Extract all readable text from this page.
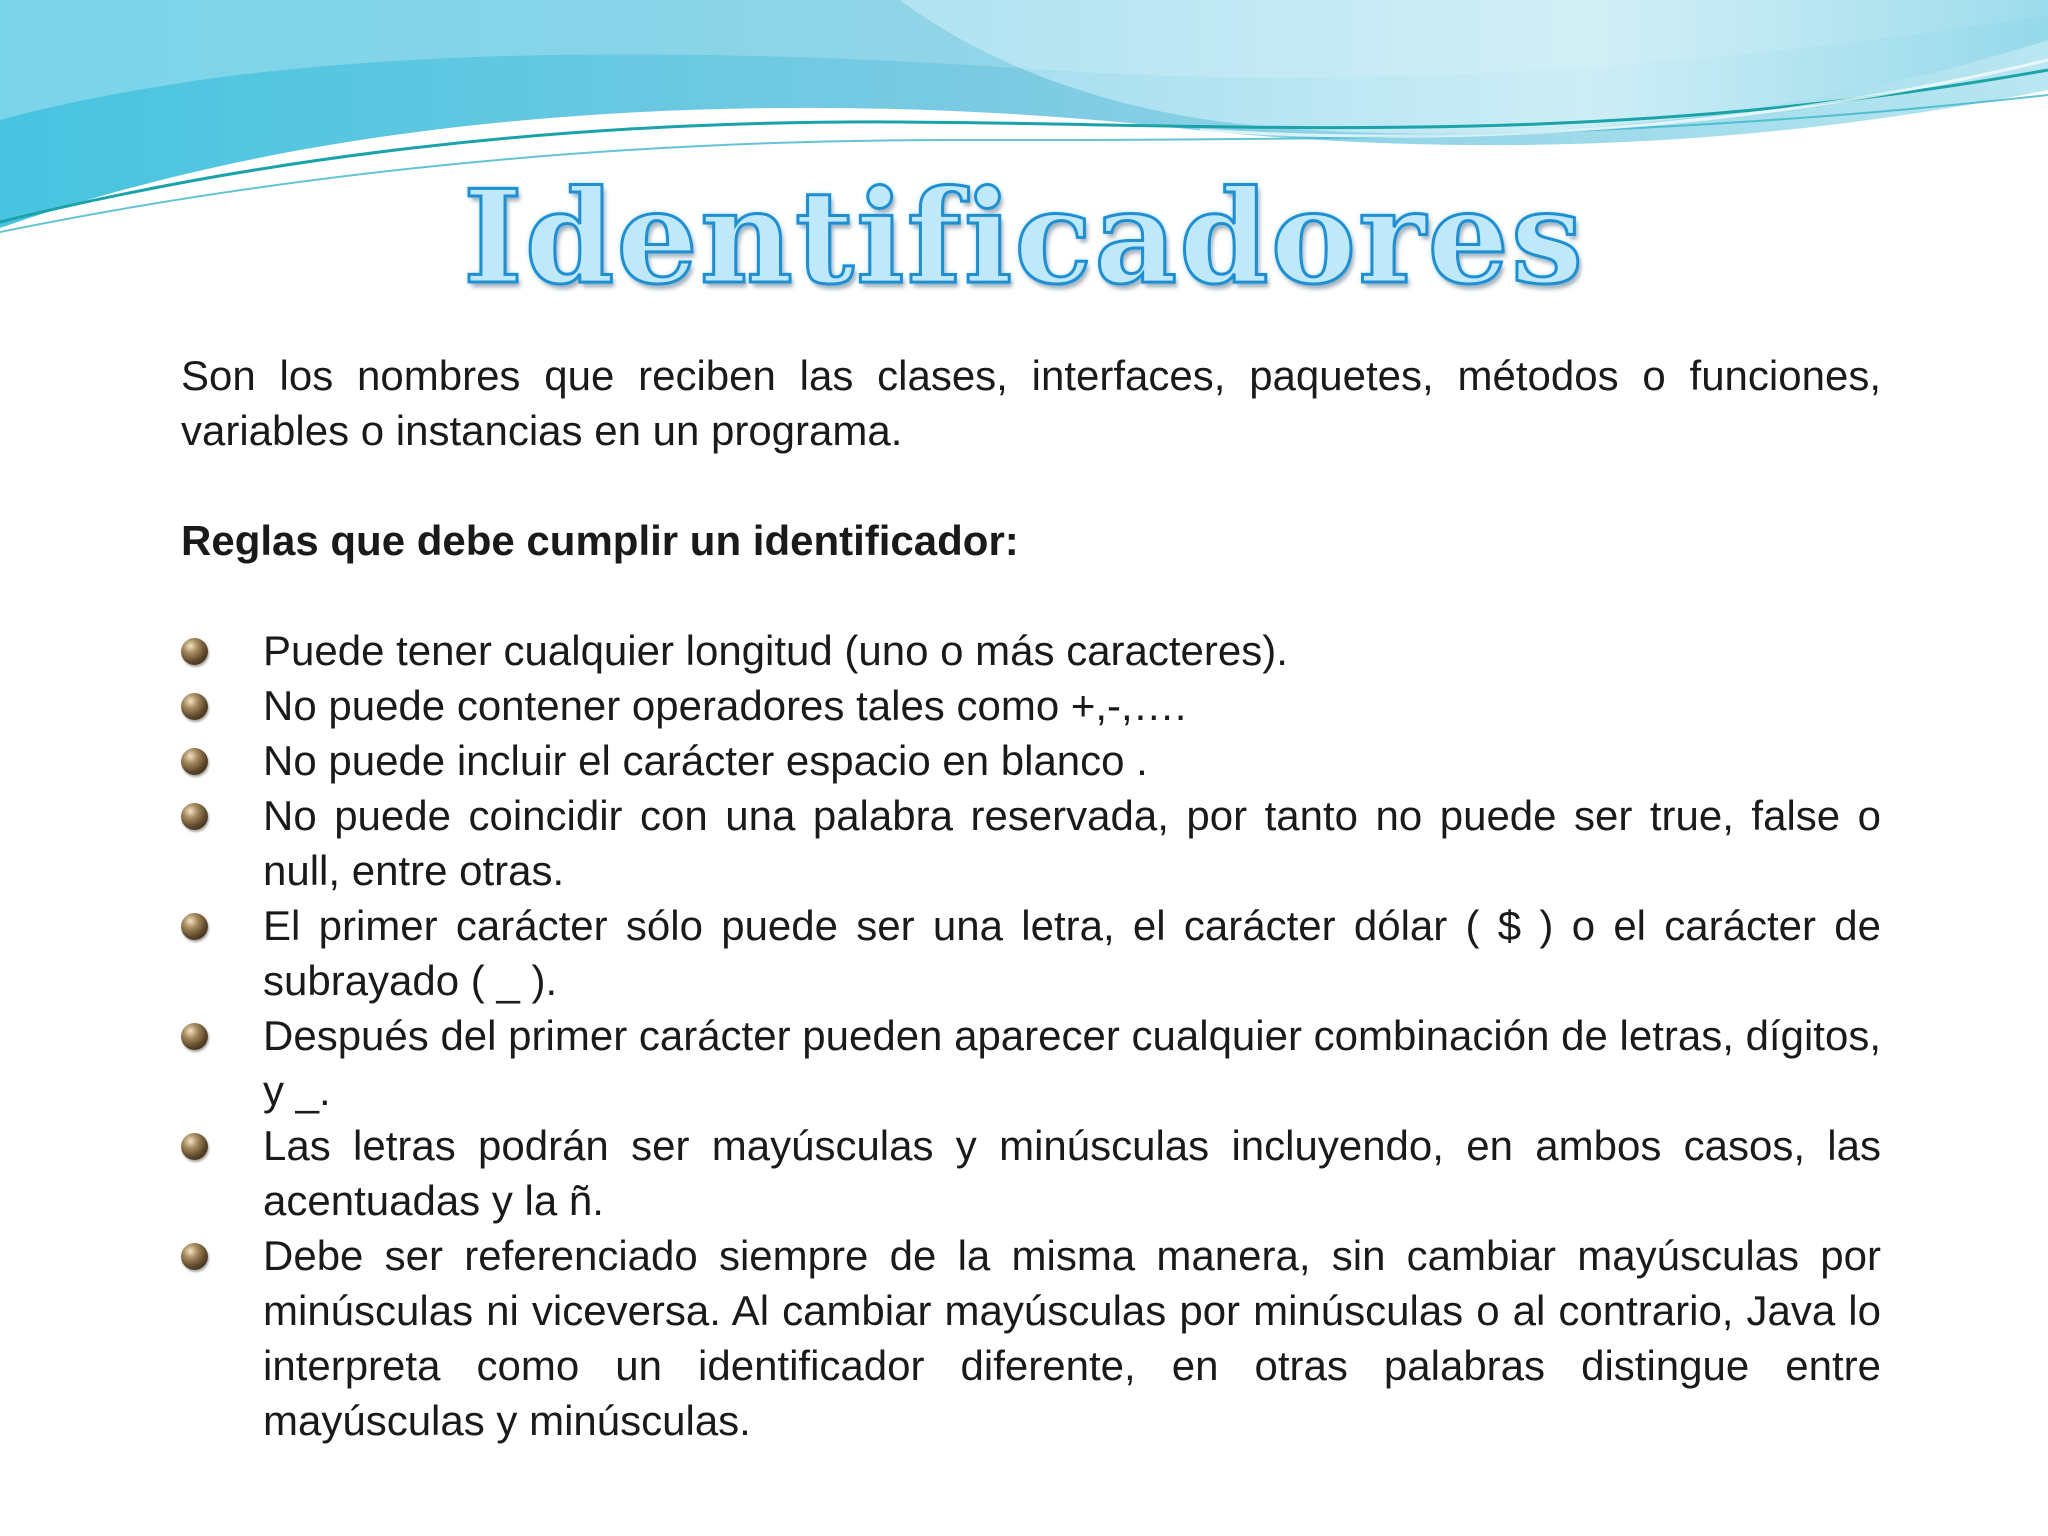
Identificadores

Son los nombres que reciben las clases, interfaces, paquetes, métodos o funciones, variables o instancias en un programa.

Reglas que debe cumplir un identificador:

Puede tener cualquier longitud (uno o más caracteres).
No puede contener operadores tales como +,-,….
No puede incluir el carácter espacio en blanco .
No puede coincidir con una palabra reservada, por tanto no puede ser true, false o null, entre otras.
El primer carácter sólo puede ser una letra, el carácter dólar ( $ ) o el carácter de subrayado ( _ ).
Después del primer carácter pueden aparecer cualquier combinación de letras, dígitos, y _.
Las letras podrán ser mayúsculas y minúsculas incluyendo, en ambos casos, las acentuadas y la ñ.
Debe ser referenciado siempre de la misma manera, sin cambiar mayúsculas por minúsculas ni viceversa. Al cambiar mayúsculas por minúsculas o al contrario, Java lo interpreta como un identificador diferente, en otras palabras distingue entre mayúsculas y minúsculas.
